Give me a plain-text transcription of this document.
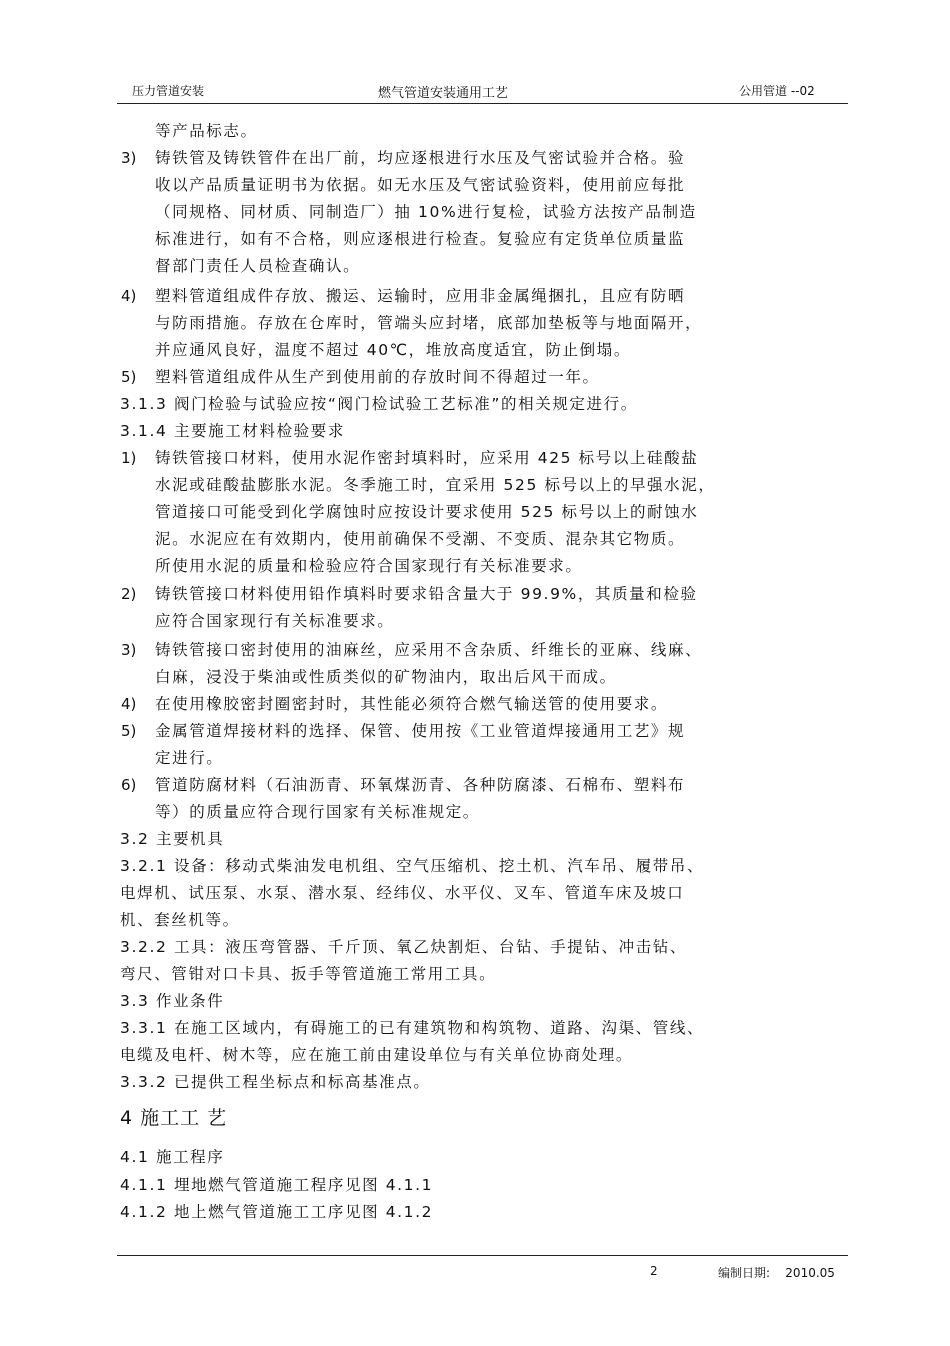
压力管道安装	燃气管道安装通用工艺	公用管道 --02
等产品标志。
3) 铸铁管及铸铁管件在出厂前，均应逐根进行水压及气密试验并合格。验
收以产品质量证明书为依据。如无水压及气密试验资料，使用前应每批
（同规格、同材质、同制造厂）抽 10%进行复检，试验方法按产品制造
标准进行，如有不合格，则应逐根进行检查。复验应有定货单位质量监
督部门责任人员检查确认。
4) 塑料管道组成件存放、搬运、运输时，应用非金属绳捆扎，且应有防晒
与防雨措施。存放在仓库时，管端头应封堵，底部加垫板等与地面隔开，
并应通风良好，温度不超过 40℃，堆放高度适宜，防止倒塌。
5) 塑料管道组成件从生产到使用前的存放时间不得超过一年。
3.1.3 阀门检验与试验应按“阀门检试验工艺标准”的相关规定进行。
3.1.4 主要施工材料检验要求
1) 铸铁管接口材料，使用水泥作密封填料时，应采用 425 标号以上硅酸盐
水泥或硅酸盐膨胀水泥。冬季施工时，宜采用 525 标号以上的早强水泥，
管道接口可能受到化学腐蚀时应按设计要求使用 525 标号以上的耐蚀水
泥。水泥应在有效期内，使用前确保不受潮、不变质、混杂其它物质。
所使用水泥的质量和检验应符合国家现行有关标准要求。
2) 铸铁管接口材料使用铅作填料时要求铅含量大于 99.9%，其质量和检验
应符合国家现行有关标准要求。
3) 铸铁管接口密封使用的油麻丝，应采用不含杂质、纤维长的亚麻、线麻、
白麻，浸没于柴油或性质类似的矿物油内，取出后风干而成。
4) 在使用橡胶密封圈密封时，其性能必须符合燃气输送管的使用要求。
5) 金属管道焊接材料的选择、保管、使用按《工业管道焊接通用工艺》规
定进行。
6) 管道防腐材料（石油沥青、环氧煤沥青、各种防腐漆、石棉布、塑料布
等）的质量应符合现行国家有关标准规定。
3.2 主要机具
3.2.1 设备：移动式柴油发电机组、空气压缩机、挖土机、汽车吊、履带吊、
电焊机、试压泵、水泵、潜水泵、经纬仪、水平仪、叉车、管道车床及坡口
机、套丝机等。
3.2.2 工具：液压弯管器、千斤顶、氧乙炔割炬、台钻、手提钻、冲击钻、
弯尺、管钳对口卡具、扳手等管道施工常用工具。
3.3 作业条件
3.3.1 在施工区域内，有碍施工的已有建筑物和构筑物、道路、沟渠、管线、
电缆及电杆、树木等，应在施工前由建设单位与有关单位协商处理。
3.3.2 已提供工程坐标点和标高基准点。
4 施工工 艺
4.1 施工程序
4.1.1 埋地燃气管道施工程序见图 4.1.1
4.1.2 地上燃气管道施工工序见图 4.1.2
2	编制日期:    2010.05
